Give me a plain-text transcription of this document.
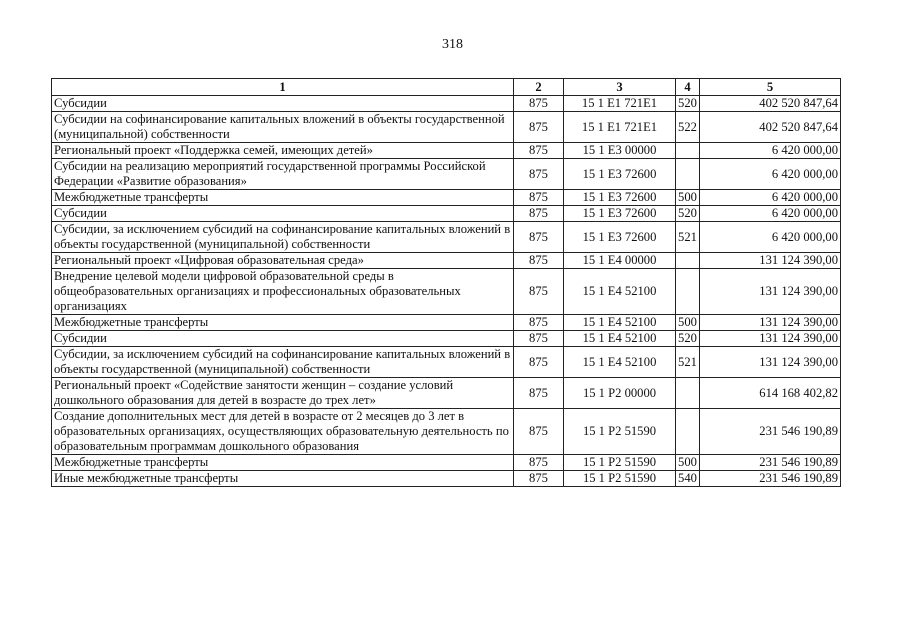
318
1	2	3	4	5
Субсидии	875	15 1 E1 721E1	520	402 520 847,64
Субсидии на софинансирование капитальных вложений в объекты государственной (муниципальной) собственности	875	15 1 E1 721E1	522	402 520 847,64
Региональный проект «Поддержка семей, имеющих детей»	875	15 1 E3 00000		6 420 000,00
Субсидии на реализацию мероприятий государственной программы Российской Федерации «Развитие образования»	875	15 1 E3 72600		6 420 000,00
Межбюджетные трансферты	875	15 1 E3 72600	500	6 420 000,00
Субсидии	875	15 1 E3 72600	520	6 420 000,00
Субсидии, за исключением субсидий на софинансирование капитальных вложений в объекты государственной (муниципальной) собственности	875	15 1 E3 72600	521	6 420 000,00
Региональный проект «Цифровая образовательная среда»	875	15 1 E4 00000		131 124 390,00
Внедрение целевой модели цифровой образовательной среды в общеобразовательных организациях и профессиональных образовательных организациях	875	15 1 E4 52100		131 124 390,00
Межбюджетные трансферты	875	15 1 E4 52100	500	131 124 390,00
Субсидии	875	15 1 E4 52100	520	131 124 390,00
Субсидии, за исключением субсидий на софинансирование капитальных вложений в объекты государственной (муниципальной) собственности	875	15 1 E4 52100	521	131 124 390,00
Региональный проект «Содействие занятости женщин – создание условий дошкольного образования для детей в возрасте до трех лет»	875	15 1 P2 00000		614 168 402,82
Создание дополнительных мест для детей в возрасте от 2 месяцев до 3 лет в образовательных организациях, осуществляющих образовательную деятельность по образовательным программам дошкольного образования	875	15 1 P2 51590		231 546 190,89
Межбюджетные трансферты	875	15 1 P2 51590	500	231 546 190,89
Иные межбюджетные трансферты	875	15 1 P2 51590	540	231 546 190,89
